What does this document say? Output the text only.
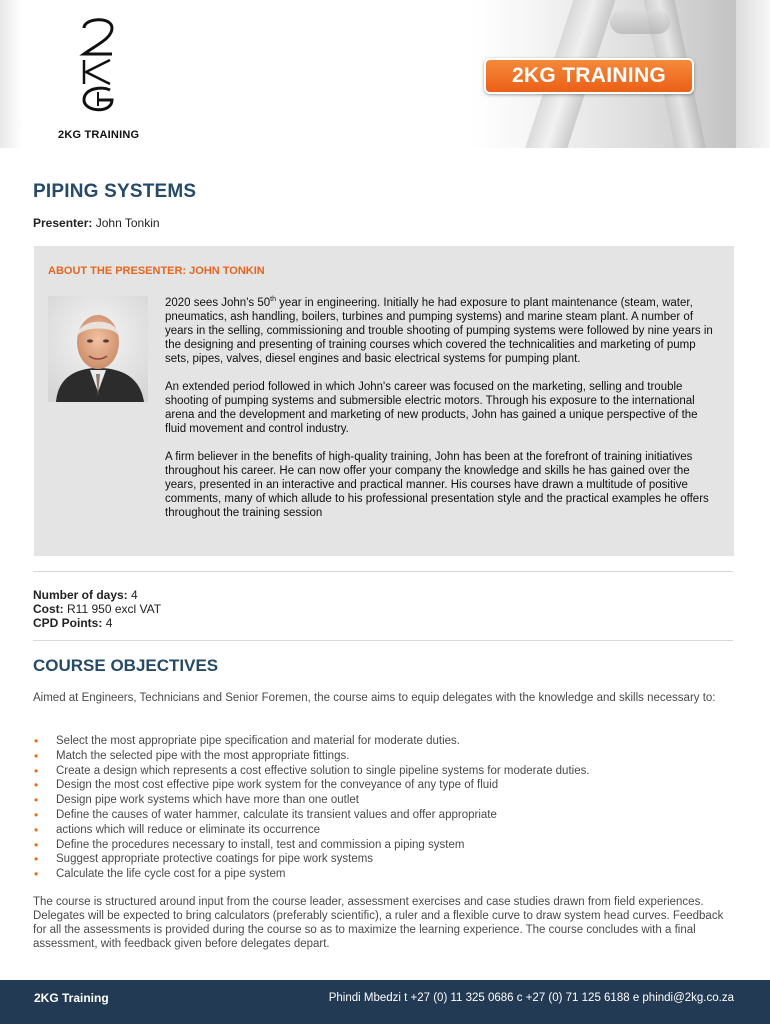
2KG TRAINING
2KG TRAINING
PIPING SYSTEMS
Presenter: John Tonkin
ABOUT THE PRESENTER: JOHN TONKIN

2020 sees John's 50th year in engineering. Initially he had exposure to plant maintenance (steam, water, pneumatics, ash handling, boilers, turbines and pumping systems) and marine steam plant. A number of years in the selling, commissioning and trouble shooting of pumping systems were followed by nine years in the designing and presenting of training courses which covered the technicalities and marketing of pump sets, pipes, valves, diesel engines and basic electrical systems for pumping plant.

An extended period followed in which John's career was focused on the marketing, selling and trouble shooting of pumping systems and submersible electric motors. Through his exposure to the international arena and the development and marketing of new products, John has gained a unique perspective of the fluid movement and control industry.

A firm believer in the benefits of high-quality training, John has been at the forefront of training initiatives throughout his career. He can now offer your company the knowledge and skills he has gained over the years, presented in an interactive and practical manner. His courses have drawn a multitude of positive comments, many of which allude to his professional presentation style and the practical examples he offers throughout the training session

Number of days: 4
Cost: R11 950 excl VAT
CPD Points: 4
COURSE OBJECTIVES
Aimed at Engineers, Technicians and Senior Foremen, the course aims to equip delegates with the knowledge and skills necessary to:
• Select the most appropriate pipe specification and material for moderate duties.
• Match the selected pipe with the most appropriate fittings.
• Create a design which represents a cost effective solution to single pipeline systems for moderate duties.
• Design the most cost effective pipe work system for the conveyance of any type of fluid
• Design pipe work systems which have more than one outlet
• Define the causes of water hammer, calculate its transient values and offer appropriate
• actions which will reduce or eliminate its occurrence
• Define the procedures necessary to install, test and commission a piping system
• Suggest appropriate protective coatings for pipe work systems
• Calculate the life cycle cost for a pipe system
The course is structured around input from the course leader, assessment exercises and case studies drawn from field experiences. Delegates will be expected to bring calculators (preferably scientific), a ruler and a flexible curve to draw system head curves. Feedback for all the assessments is provided during the course so as to maximize the learning experience. The course concludes with a final assessment, with feedback given before delegates depart.
2KG Training	Phindi Mbedzi t +27 (0) 11 325 0686 c +27 (0) 71 125 6188 e phindi@2kg.co.za
